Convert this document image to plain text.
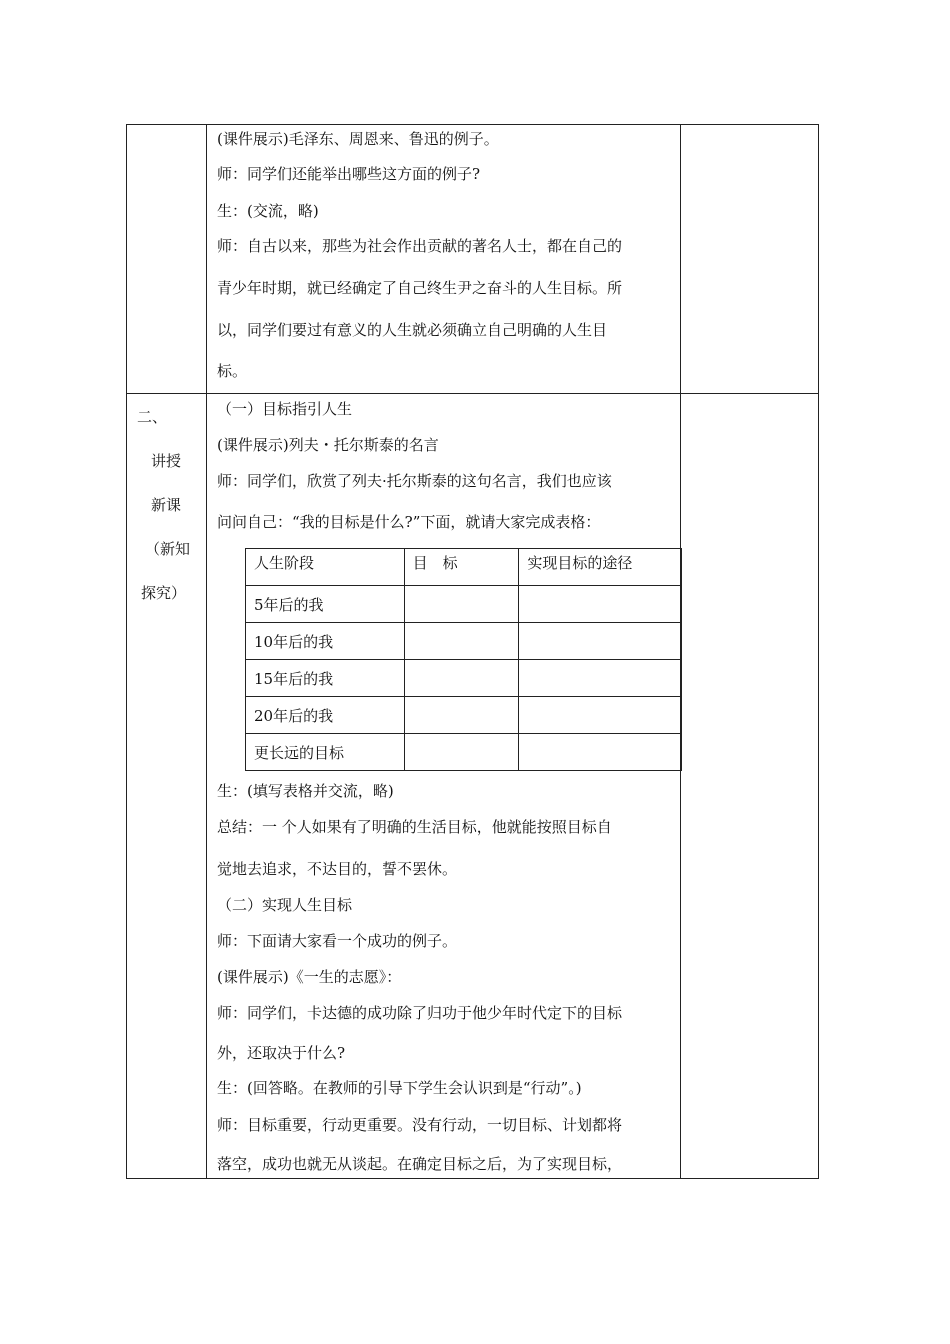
(课件展示)毛泽东、周恩来、鲁迅的例子。
师：同学们还能举出哪些这方面的例子?
生：(交流，略)
师：自古以来，那些为社会作出贡献的著名人士，都在自己的
青少年时期，就已经确定了自己终生尹之奋斗的人生目标。所
以，同学们要过有意义的人生就必须确立自己明确的人生目
标。
二、
讲授
新课
（新知
探究）
（一）目标指引人生
(课件展示)列夫・托尔斯泰的名言
师：同学们，欣赏了列夫·托尔斯泰的这句名言，我们也应该
问问自己：“我的目标是什么?”下面，就请大家完成表格：
人生阶段	目　标	实现目标的途径
5年后的我		
10年后的我		
15年后的我		
20年后的我		
更长远的目标		
生：(填写表格并交流，略)
总结：一 个人如果有了明确的生活目标，他就能按照目标自
觉地去追求，不达目的，誓不罢休。
（二）实现人生目标
师：下面请大家看一个成功的例子。
(课件展示)《一生的志愿》：
师：同学们，卡达德的成功除了归功于他少年时代定下的目标
外，还取决于什么?
生：(回答略。在教师的引导下学生会认识到是“行动”。)
师：目标重要，行动更重要。没有行动，一切目标、计划都将
落空，成功也就无从谈起。在确定目标之后，为了实现目标，
